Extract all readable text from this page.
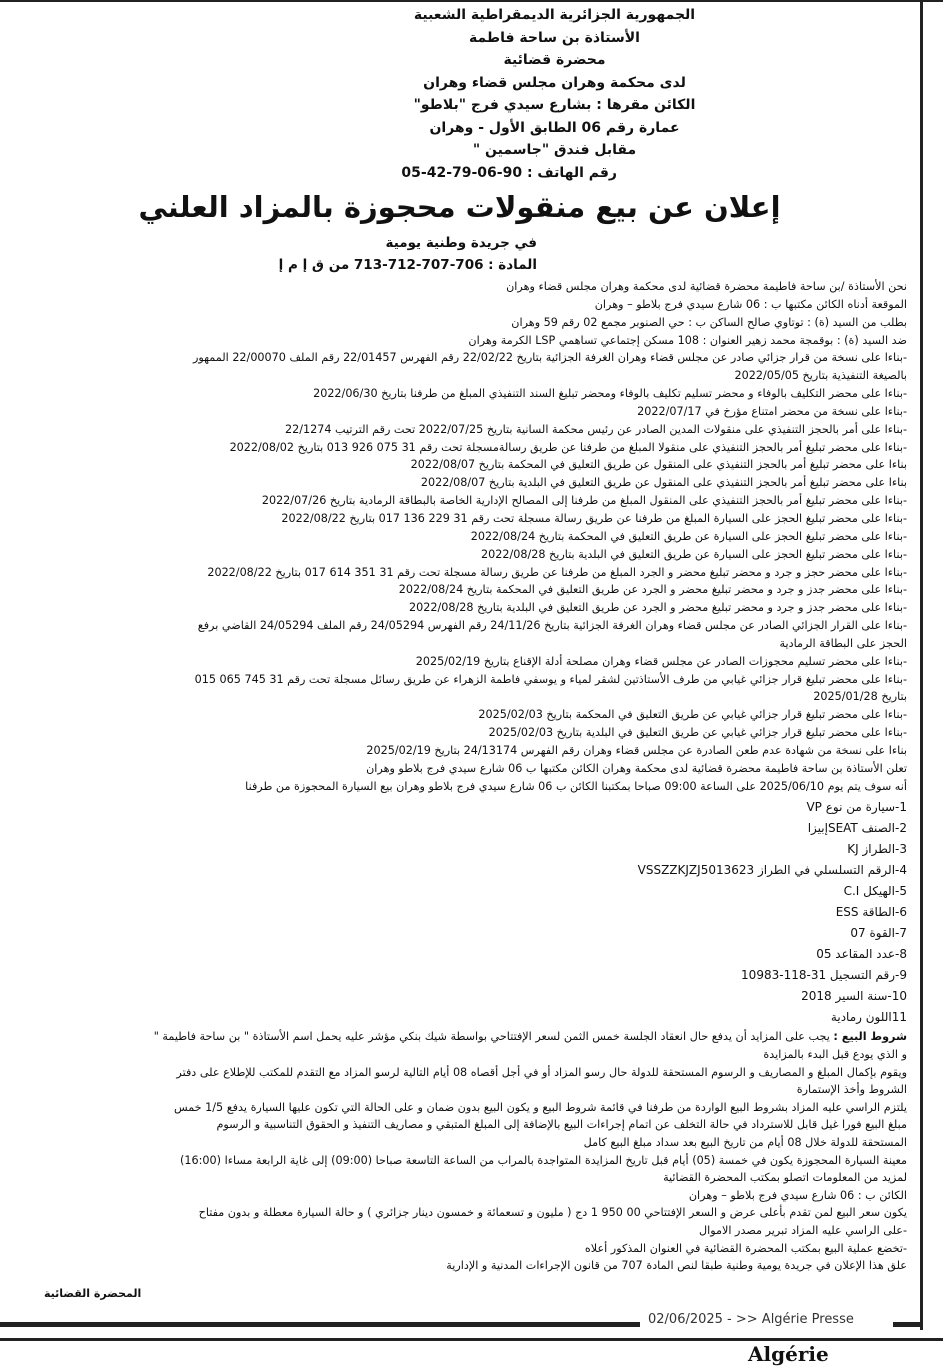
الجمهورية الجزائرية الديمقراطية الشعبية
الأستاذة بن ساحة فاطمة
محضرة قضائية
لدى محكمة وهران مجلس قضاء وهران
الكائن مقرها : بشارع سيدي فرج "بلاطو"
عمارة رقم 06 الطابق الأول - وهران
مقابل فندق "جاسمين "
رقم الهاتف : 90-06-79-42-05
إعلان عن بيع منقولات محجوزة بالمزاد العلني
في جريدة وطنية يومية
المادة : 706-707-712-713 من ق إ م إ
نحن الأستاذة /بن ساحة فاطيمة محضرة قضائية لدى محكمة وهران مجلس قضاء وهران
الموقعة أدناه الكائن مكتبها ب : 06 شارع سيدي فرج بلاطو – وهران
بطلب من السيد (ة) : توتاوي صالح الساكن ب : حي الصنوبر مجمع 02 رقم 59 وهران
ضد السيد (ة) : بوقمجة محمد زهير العنوان : 108 مسكن إجتماعي تساهمي LSP الكرمة وهران
-بناءا على نسخة من قرار جزائي صادر عن مجلس قضاء وهران الغرفة الجزائية بتاريخ 22/02/22 رقم الفهرس 22/01457 رقم الملف 22/00070 الممهور
بالصيغة التنفيذية بتاريخ 2022/05/05
-بناءا على محضر التكليف بالوفاء و محضر تسليم تكليف بالوفاء ومحضر تبليغ السند التنفيذي المبلغ من طرفنا بتاريخ 2022/06/30
-بناءا على نسخة من محضر امتناع مؤرخ في 2022/07/17
-بناءا على أمر بالحجز التنفيذي على منقولات المدين الصادر عن رئيس محكمة السانية بتاريخ 2022/07/25 تحت رقم الترتيب 22/1274
-بناءا على محضر تبليغ أمر بالحجز التنفيذي على منقولا المبلغ من طرفنا عن طريق رسالةمسجلة تحت رقم 31 075 926 013 بتاريخ 2022/08/02
بناءا على محضر تبليغ أمر بالحجز التنفيذي على المنقول عن طريق التعليق في المحكمة بتاريخ 2022/08/07
بناءا على محضر تبليغ أمر بالحجز التنفيذي على المنقول عن طريق التعليق في البلدية بتاريخ 2022/08/07
-بناءا على محضر تبليغ أمر بالحجز التنفيذي على المنقول المبلغ من طرفنا إلى المصالح الإدارية الخاصة بالبطاقة الرمادية بتاريخ 2022/07/26
-بناءا على محضر تبليغ الحجز على السيارة المبلغ من طرفنا عن طريق رسالة مسجلة تحت رقم 31 229 136 017 بتاريخ 2022/08/22
-بناءا على محضر تبليغ الحجز على السيارة عن طريق التعليق في المحكمة بتاريخ 2022/08/24
-بناءا على محضر تبليغ الحجز على السيارة عن طريق التعليق في البلدية بتاريخ 2022/08/28
-بناءا على محضر حجز و جرد و محضر تبليغ محضر و الجرد المبلغ من طرفنا عن طريق رسالة مسجلة تحت رقم 31 351 614 017 بتاريخ 2022/08/22
-بناءا على محضر جدز و جرد و محضر تبليغ محضر و الجرد عن طريق التعليق في المحكمة بتاريخ 2022/08/24
-بناءا على محضر جدز و جرد و محضر تبليغ محضر و الجرد عن طريق التعليق في البلدية بتاريخ 2022/08/28
-بناءا على القرار الجزائي الصادر عن مجلس قضاء وهران الغرفة الجزائية بتاريخ 24/11/26 رقم الفهرس 24/05294 رقم الملف 24/05294 القاضي برفع
الحجز على البطاقة الرمادية
-بناءا على محضر تسليم محجوزات الصادر عن مجلس قضاء وهران مصلحة أدلة الإقناع بتاريخ 2025/02/19
-بناءا على محضر تبليغ قرار جزائي غيابي من طرف الأستاذتين لشقر لمياء و يوسفي فاطمة الزهراء عن طريق رسائل مسجلة تحت رقم 31 745 065 015
بتاريخ 2025/01/28
-بناءا على محضر تبليغ قرار جزائي غيابي عن طريق التعليق في المحكمة بتاريخ 2025/02/03
-بناءا على محضر تبليغ قرار جزائي غيابي عن طريق التعليق في البلدية بتاريخ 2025/02/03
بناءا على نسخة من شهادة عدم طعن الصادرة عن مجلس قضاء وهران رقم الفهرس 24/13174 بتاريخ 2025/02/19
تعلن الأستاذة بن ساحة فاطيمة محضرة قضائية لدى محكمة وهران الكائن مكتبها ب 06 شارع سيدي فرج بلاطو وهران
أنه سوف يتم يوم 2025/06/10 على الساعة 09:00 صباحا بمكتبنا الكائن ب 06 شارع سيدي فرج بلاطو وهران بيع السيارة المحجوزة من طرفنا
1-سيارة من نوع VP
2-الصنف SEATإبيزا
3-الطراز KJ
4-الرقم التسلسلي في الطراز VSSZZKJZJ5013623
5-الهيكل C.I
6-الطاقة ESS
7-القوة 07
8-عدد المقاعد 05
9-رقم التسجيل 31-118-10983
10-سنة السير 2018
11اللون رمادية
شروط البيع : يجب على المزايد أن يدفع حال انعقاد الجلسة خمس الثمن لسعر الإفتتاحي بواسطة شيك بنكي مؤشر عليه يحمل اسم الأستاذة " بن ساحة فاطيمة "
و الذي يودع قبل البدء بالمزايدة
ويقوم بإكمال المبلغ و المصاريف و الرسوم المستحقة للدولة حال رسو المزاد أو في أجل أقصاه 08 أيام التالية لرسو المزاد مع التقدم للمكتب للإطلاع على دفتر
الشروط وأخذ الإستمارة
يلتزم الراسي عليه المزاد بشروط البيع الواردة من طرفنا في قائمة شروط البيع و يكون البيع بدون ضمان و على الحالة التي تكون عليها السيارة يدفع 1/5 خمس
مبلغ البيع فورا غيل قابل للاسترداد في حالة التخلف عن اتمام إجراءات البيع بالإضافة إلى المبلغ المتبقي و مصاريف التنفيذ و الحقوق التناسبية و الرسوم
المستحقة للدولة خلال 08 أيام من تاريخ البيع بعد سداد مبلغ البيع كامل
معينة السيارة المحجوزة يكون في خمسة (05) أيام قبل تاريخ المزايدة المتواجدة بالمراب من الساعة التاسعة صباحا (09:00) إلى غاية الرابعة مساءا (16:00)
لمزيد من المعلومات اتصلو بمكتب المحضرة القضائية
الكائن ب : 06 شارع سيدي فرج بلاطو – وهران
يكون سعر البيع لمن تقدم بأعلى عرض و السعر الإفتتاحي 00 950 1 دج ( مليون و تسعمائة و خمسون دينار جزائري ) و حالة السيارة معطلة و بدون مفتاح
-على الراسي عليه المزاد تبرير مصدر الاموال
-تخضع عملية البيع بمكتب المحضرة القضائية في العنوان المذكور أعلاه
علق هذا الإعلان في جريدة يومية وطنية طبقا لنص المادة 707 من قانون الإجراءات المدنية و الإدارية
المحضرة القضائية
02/06/2025 - >> Algérie Presse
Algérie
